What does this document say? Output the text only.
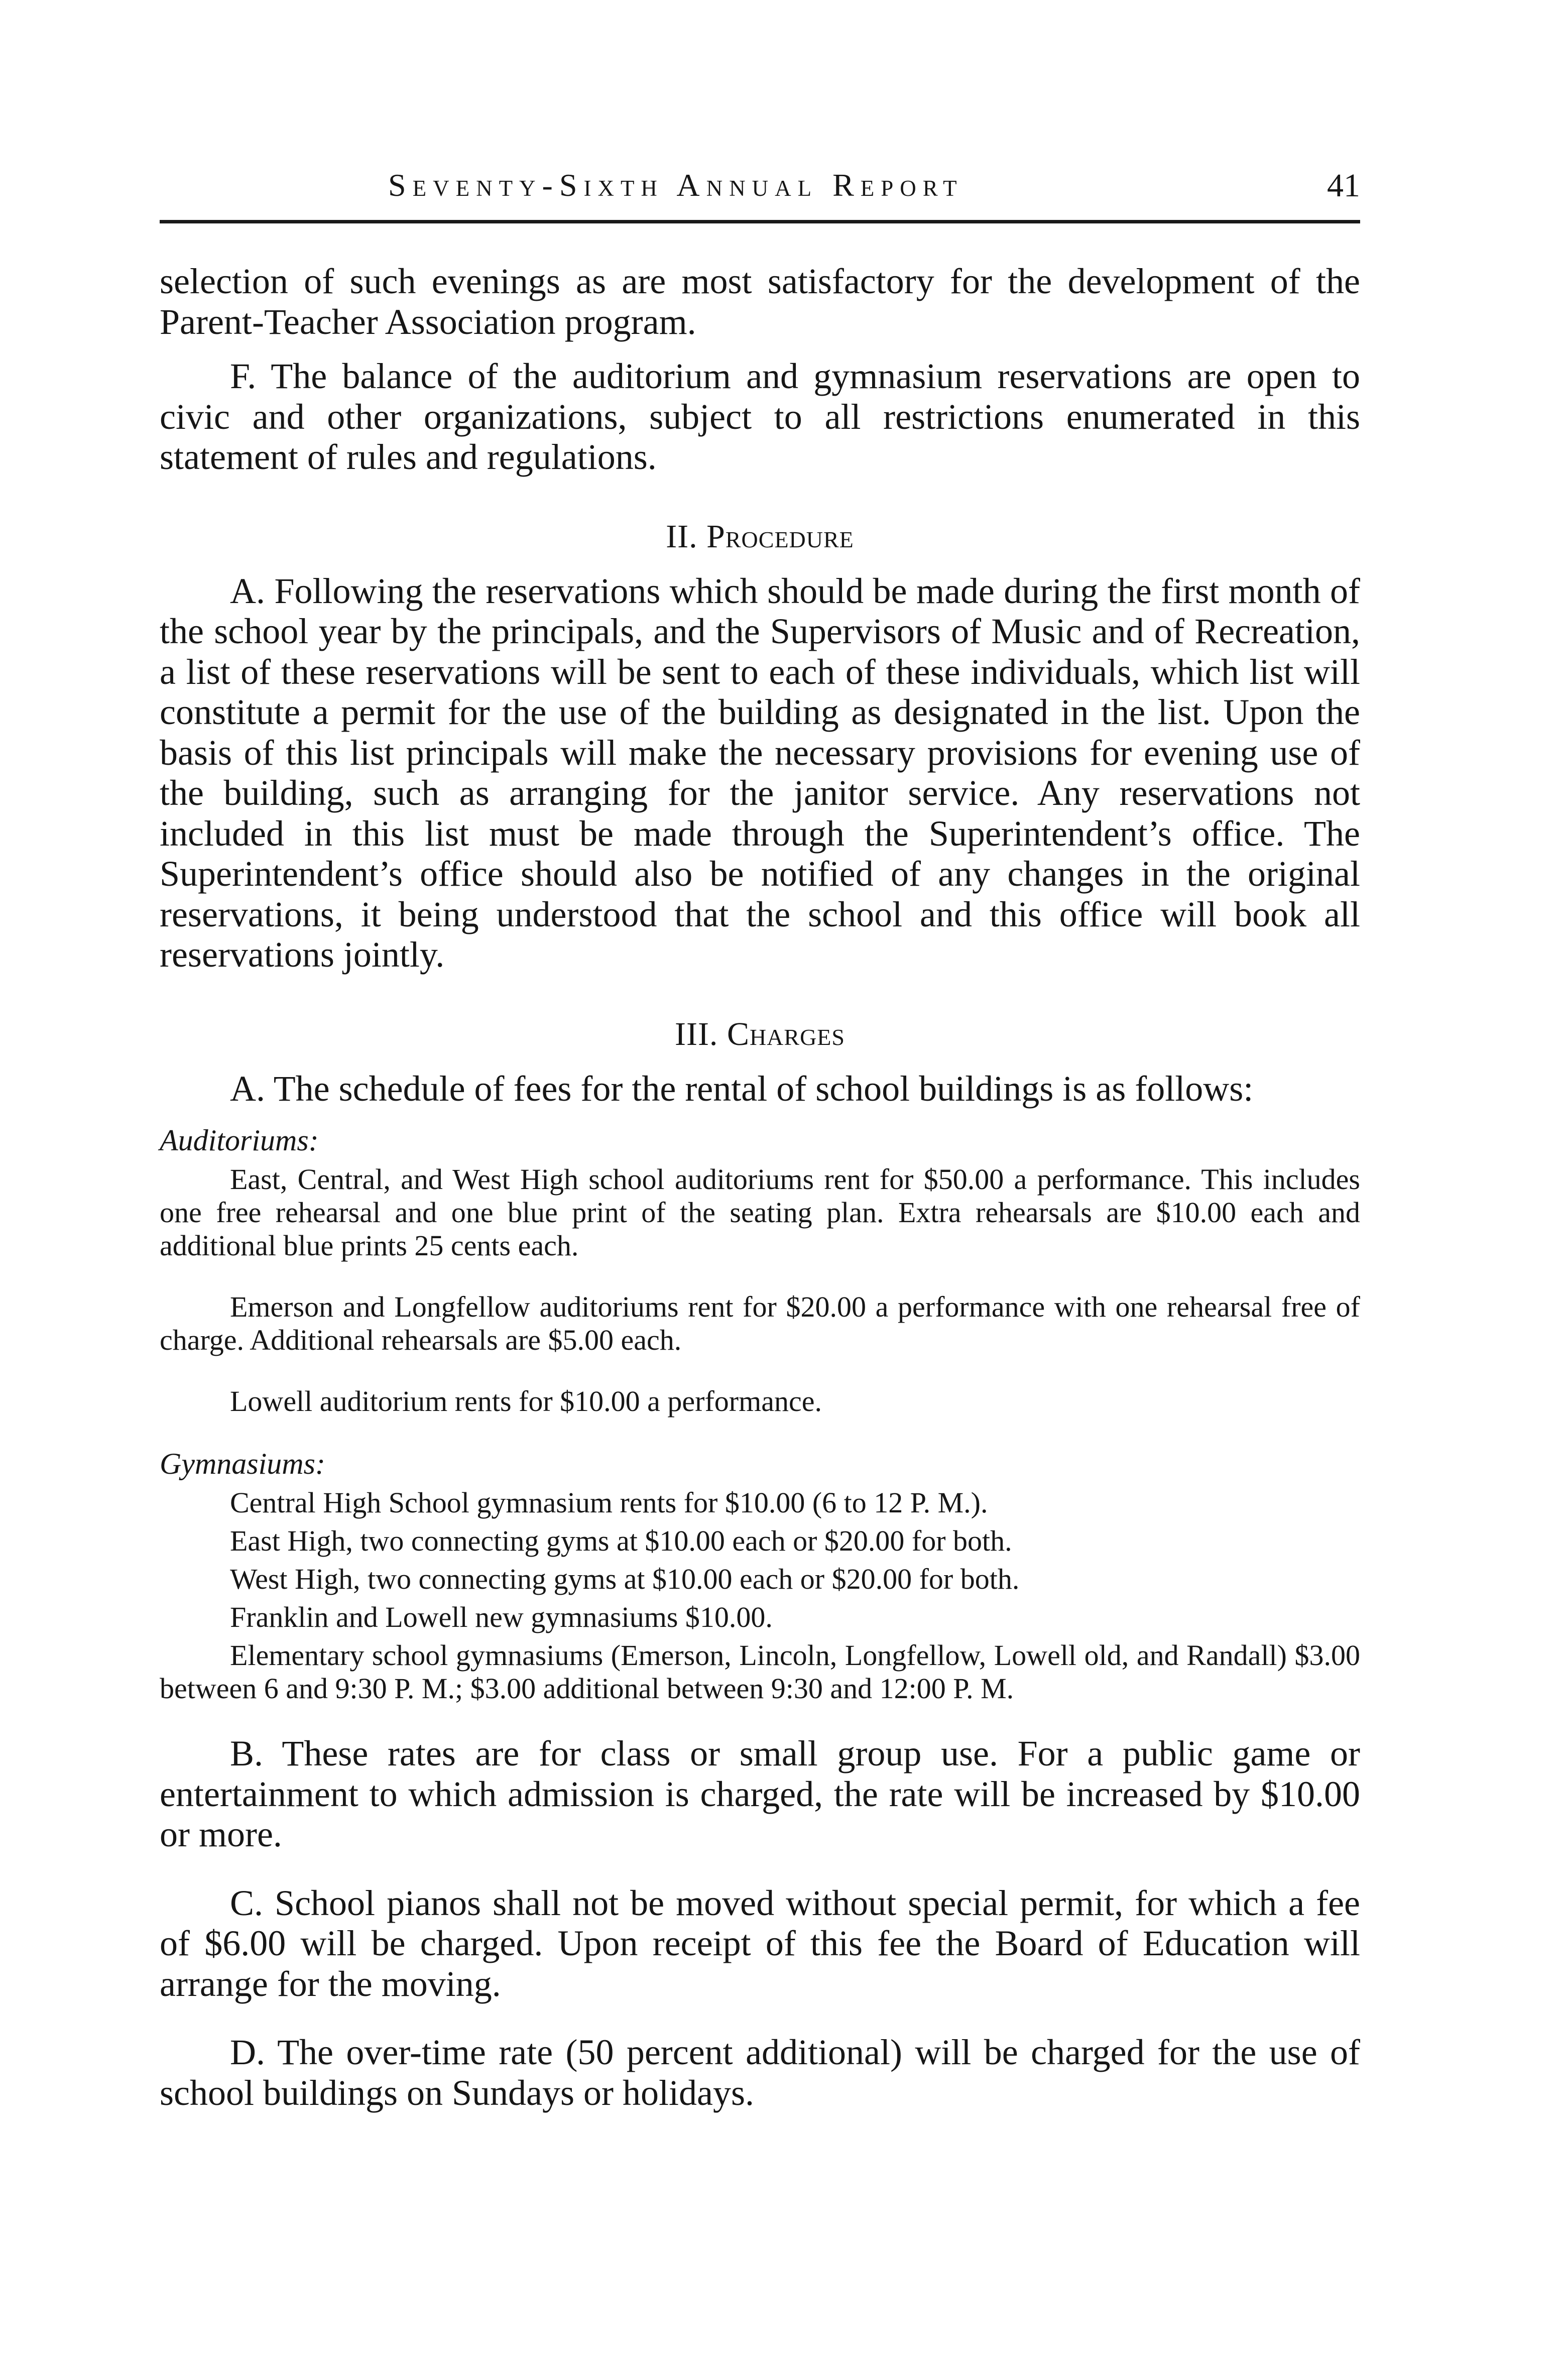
Seventy-Sixth Annual Report	41

selection of such evenings as are most satisfactory for the development of the Parent-Teacher Association program.

F. The balance of the auditorium and gymnasium reservations are open to civic and other organizations, subject to all restrictions enumerated in this statement of rules and regulations.

II. Procedure

A. Following the reservations which should be made during the first month of the school year by the principals, and the Supervisors of Music and of Recreation, a list of these reservations will be sent to each of these individuals, which list will constitute a permit for the use of the building as designated in the list. Upon the basis of this list principals will make the necessary provisions for evening use of the building, such as arranging for the janitor service. Any reservations not included in this list must be made through the Superintendent’s office. The Superintendent’s office should also be notified of any changes in the original reservations, it being understood that the school and this office will book all reservations jointly.

III. Charges

A. The schedule of fees for the rental of school buildings is as follows:

Auditoriums:

East, Central, and West High school auditoriums rent for $50.00 a performance. This includes one free rehearsal and one blue print of the seating plan. Extra rehearsals are $10.00 each and additional blue prints 25 cents each.

Emerson and Longfellow auditoriums rent for $20.00 a performance with one rehearsal free of charge. Additional rehearsals are $5.00 each.

Lowell auditorium rents for $10.00 a performance.

Gymnasiums:

Central High School gymnasium rents for $10.00 (6 to 12 P. M.).

East High, two connecting gyms at $10.00 each or $20.00 for both.

West High, two connecting gyms at $10.00 each or $20.00 for both.

Franklin and Lowell new gymnasiums $10.00.

Elementary school gymnasiums (Emerson, Lincoln, Longfellow, Lowell old, and Randall) $3.00 between 6 and 9:30 P. M.; $3.00 additional between 9:30 and 12:00 P. M.

B. These rates are for class or small group use. For a public game or entertainment to which admission is charged, the rate will be increased by $10.00 or more.

C. School pianos shall not be moved without special permit, for which a fee of $6.00 will be charged. Upon receipt of this fee the Board of Education will arrange for the moving.

D. The over-time rate (50 percent additional) will be charged for the use of school buildings on Sundays or holidays.
